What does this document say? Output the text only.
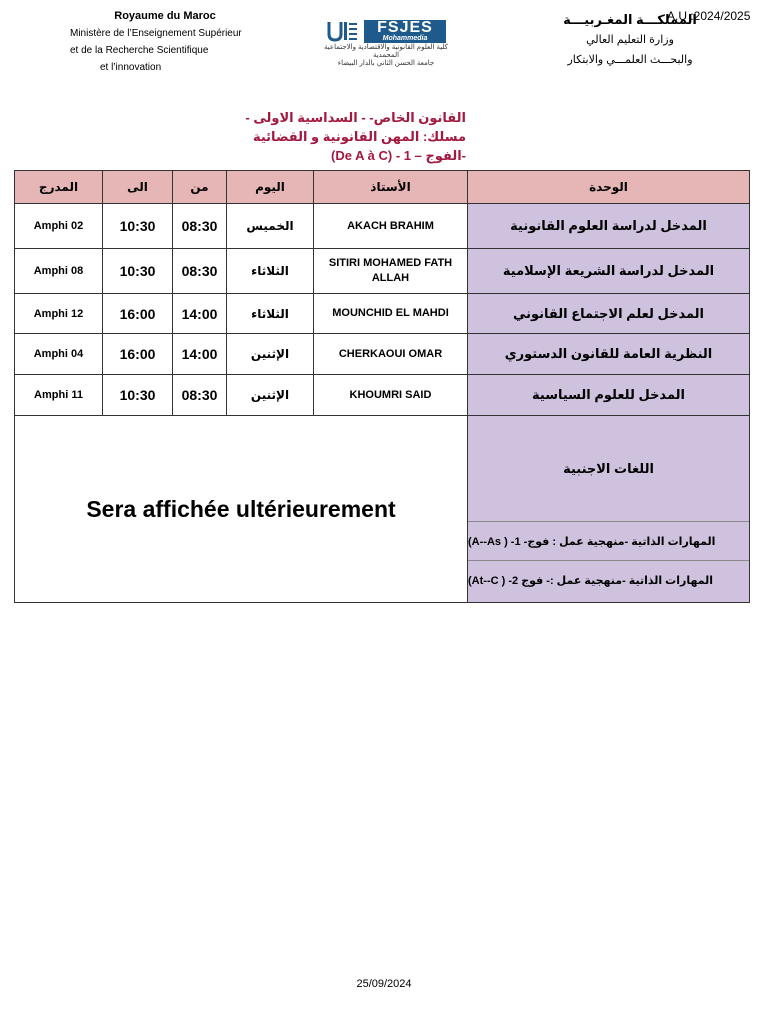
Royaume du Maroc
Ministère de l’Enseignement Supérieur
et de la Recherche Scientifique
et l’innovation
FSJES
Mohammedia
كلية العلوم القانونية والاقتصادية والاجتماعية المحمدية
جامعة الحسن الثاني بالدار البيضاء
المملكـــة المغـربيـــة
وزارة التعليم العالي
والبحـــث العلمـــي والابتكار
A.U :2024/2025
القانون الخاص- - السداسية الاولى -
مسلك: المهن القانونية و القضائية
-الفوج – 1 - (De A à C)
المدرج	الى	من	اليوم	الأستاذ	الوحدة
Amphi 02	10:30	08:30	الخميس	AKACH BRAHIM	المدخل لدراسة العلوم القانونية
Amphi 08	10:30	08:30	الثلاثاء	SITIRI MOHAMED FATH ALLAH	المدخل لدراسة الشريعة الإسلامية
Amphi 12	16:00	14:00	الثلاثاء	MOUNCHID EL MAHDI	المدخل لعلم الاجتماع القانوني
Amphi 04	16:00	14:00	الإثنين	CHERKAOUI OMAR	النظرية العامة للقانون الدستوري
Amphi 11	10:30	08:30	الإثنين	KHOUMRI SAID	المدخل للعلوم السياسية
Sera affichée ultérieurement					اللغات الاجنبية
المهارات الذاتية -منهجية عمل : فوج- 1- ( A--As)
المهارات الذاتية -منهجية عمل :- فوج 2- ( At--C)
25/09/2024
